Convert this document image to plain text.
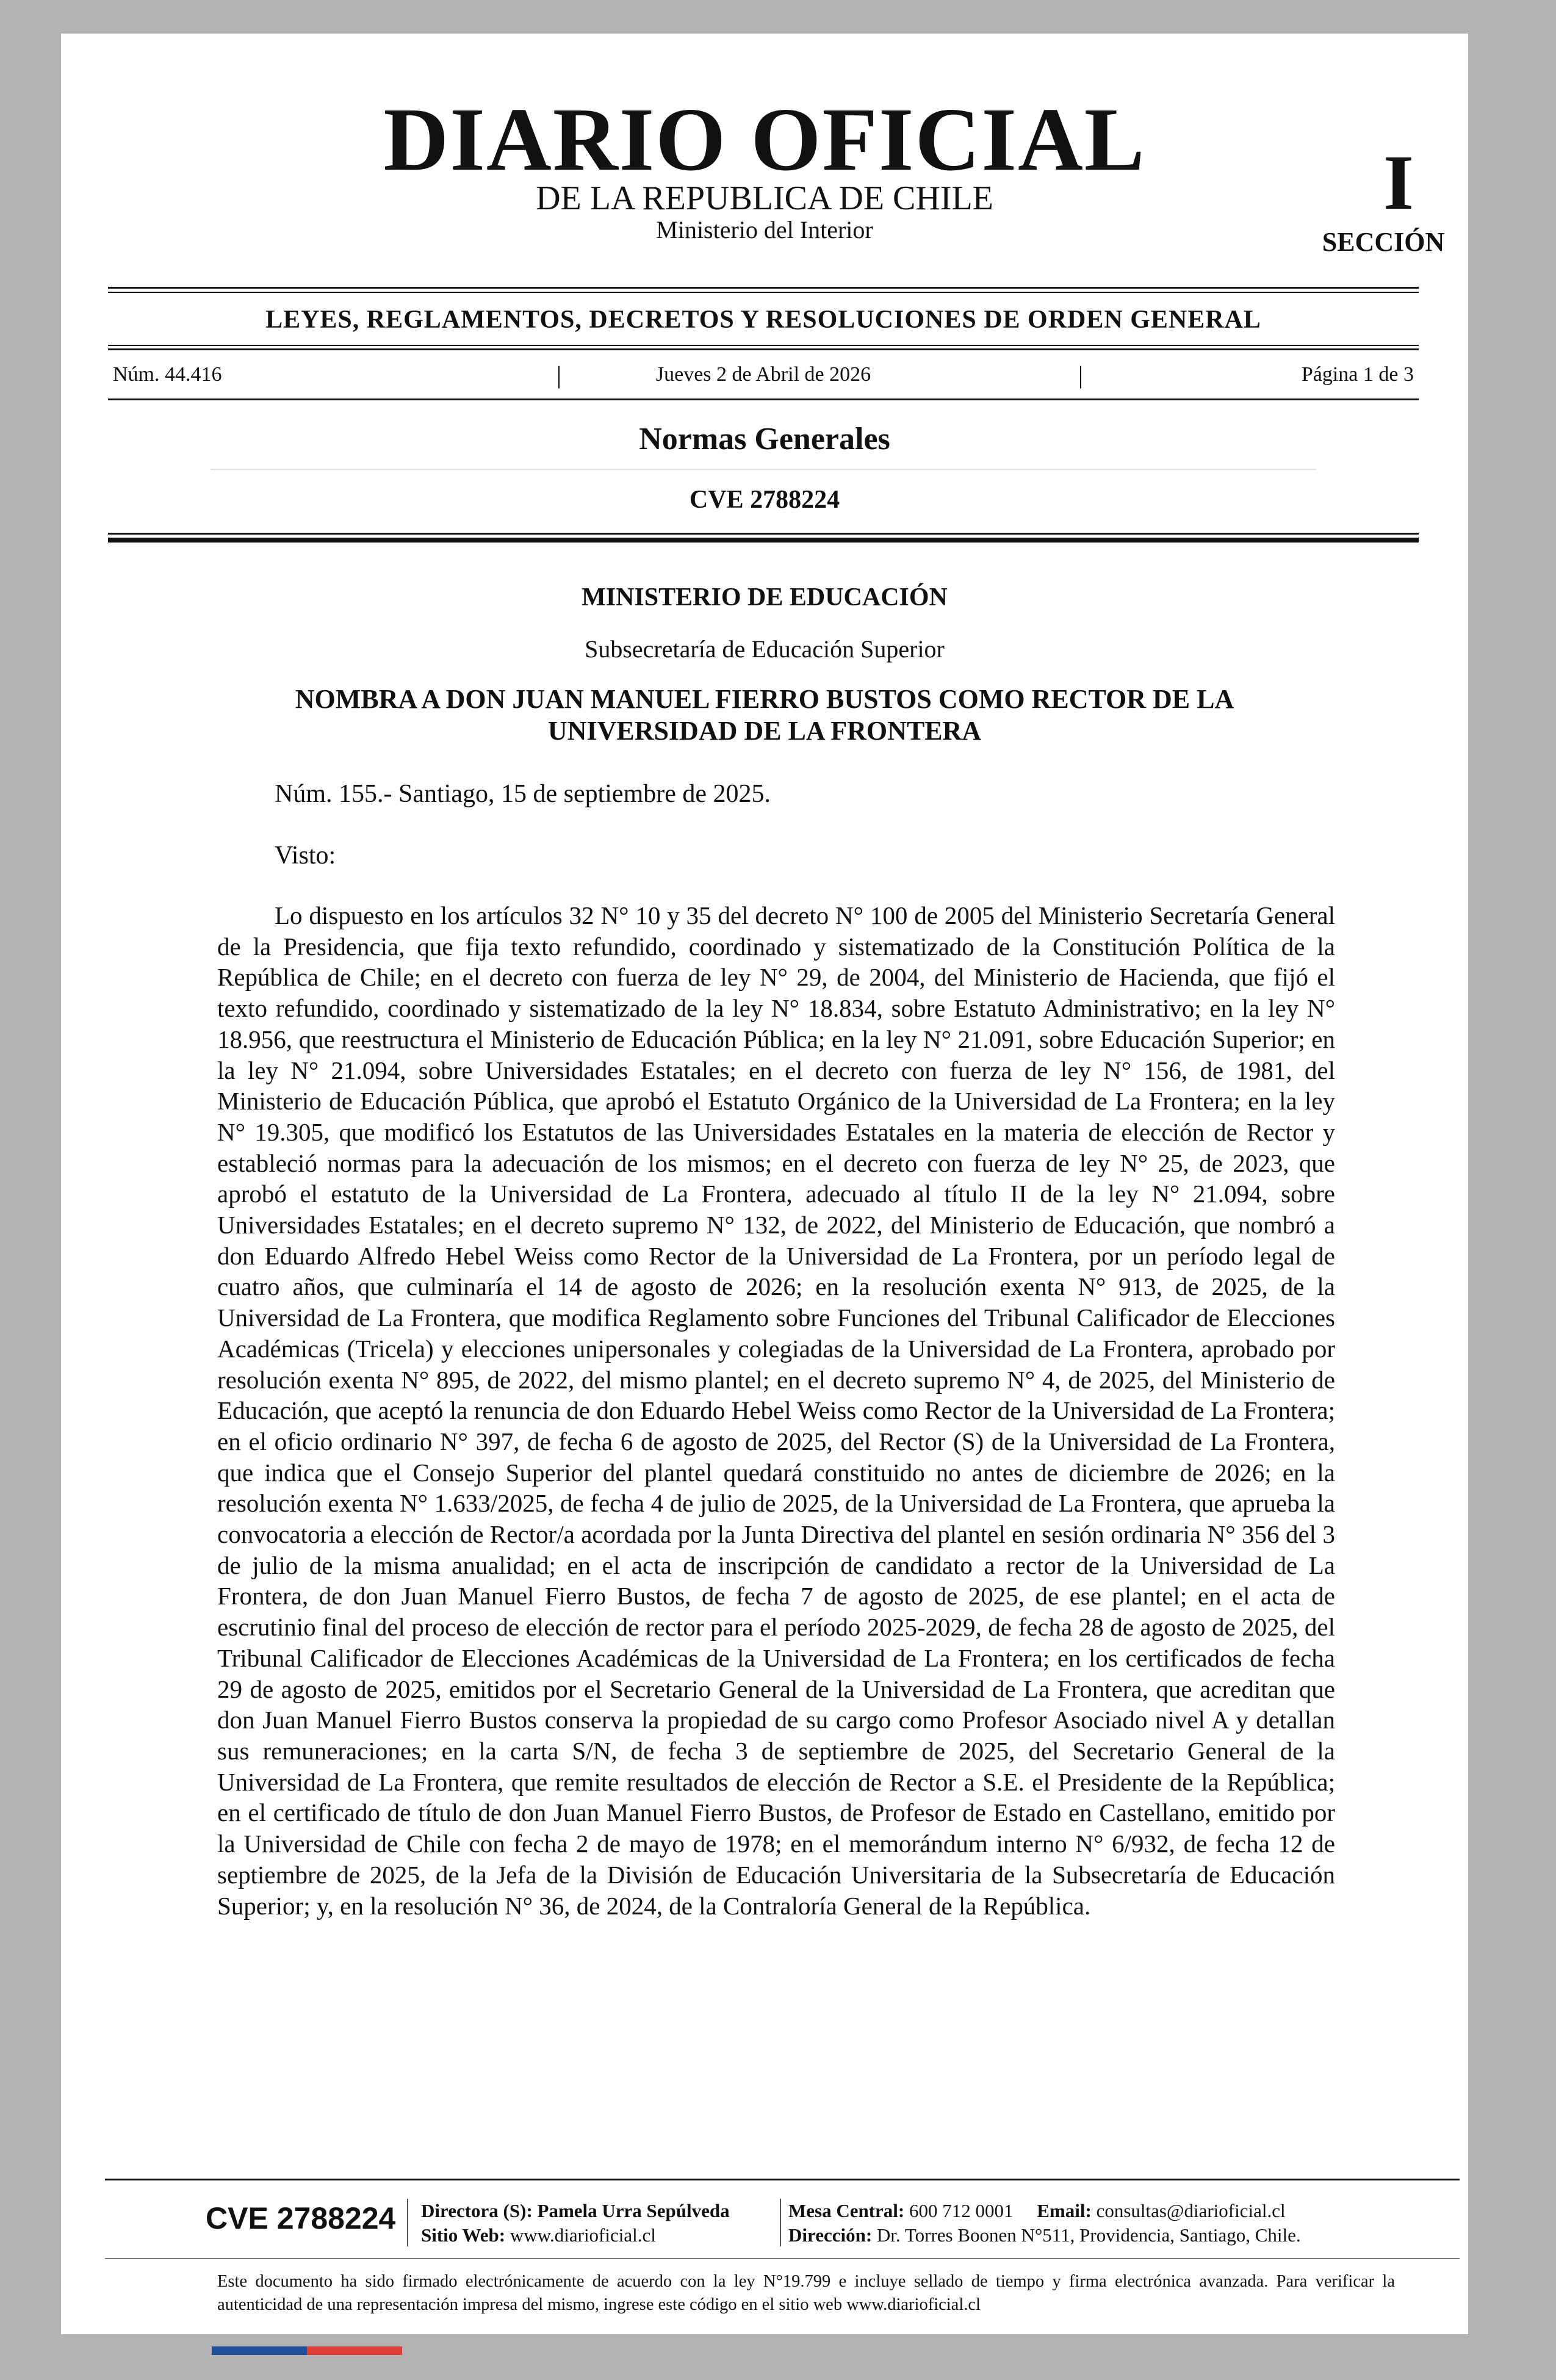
DIARIO OFICIAL
DE LA REPUBLICA DE CHILE
Ministerio del Interior
I
SECCIÓN
LEYES, REGLAMENTOS, DECRETOS Y RESOLUCIONES DE ORDEN GENERAL
Núm. 44.416	|	Jueves 2 de Abril de 2026	|	Página 1 de 3
Normas Generales
CVE 2788224
MINISTERIO DE EDUCACIÓN
Subsecretaría de Educación Superior
NOMBRA A DON JUAN MANUEL FIERRO BUSTOS COMO RECTOR DE LA
UNIVERSIDAD DE LA FRONTERA
Núm. 155.- Santiago, 15 de septiembre de 2025.
Visto:

Lo dispuesto en los artículos 32 N° 10 y 35 del decreto N° 100 de 2005 del Ministerio Secretaría General de la Presidencia, que fija texto refundido, coordinado y sistematizado de la Constitución Política de la República de Chile; en el decreto con fuerza de ley N° 29, de 2004, del Ministerio de Hacienda, que fijó el texto refundido, coordinado y sistematizado de la ley N° 18.834, sobre Estatuto Administrativo; en la ley N° 18.956, que reestructura el Ministerio de Educación Pública; en la ley N° 21.091, sobre Educación Superior; en la ley N° 21.094, sobre Universidades Estatales; en el decreto con fuerza de ley N° 156, de 1981, del Ministerio de Educación Pública, que aprobó el Estatuto Orgánico de la Universidad de La Frontera; en la ley N° 19.305, que modificó los Estatutos de las Universidades Estatales en la materia de elección de Rector y estableció normas para la adecuación de los mismos; en el decreto con fuerza de ley N° 25, de 2023, que aprobó el estatuto de la Universidad de La Frontera, adecuado al título II de la ley N° 21.094, sobre Universidades Estatales; en el decreto supremo N° 132, de 2022, del Ministerio de Educación, que nombró a don Eduardo Alfredo Hebel Weiss como Rector de la Universidad de La Frontera, por un período legal de cuatro años, que culminaría el 14 de agosto de 2026; en la resolución exenta N° 913, de 2025, de la Universidad de La Frontera, que modifica Reglamento sobre Funciones del Tribunal Calificador de Elecciones Académicas (Tricela) y elecciones unipersonales y colegiadas de la Universidad de La Frontera, aprobado por resolución exenta N° 895, de 2022, del mismo plantel; en el decreto supremo N° 4, de 2025, del Ministerio de Educación, que aceptó la renuncia de don Eduardo Hebel Weiss como Rector de la Universidad de La Frontera; en el oficio ordinario N° 397, de fecha 6 de agosto de 2025, del Rector (S) de la Universidad de La Frontera, que indica que el Consejo Superior del plantel quedará constituido no antes de diciembre de 2026; en la resolución exenta N° 1.633/2025, de fecha 4 de julio de 2025, de la Universidad de La Frontera, que aprueba la convocatoria a elección de Rector/a acordada por la Junta Directiva del plantel en sesión ordinaria N° 356 del 3 de julio de la misma anualidad; en el acta de inscripción de candidato a rector de la Universidad de La Frontera, de don Juan Manuel Fierro Bustos, de fecha 7 de agosto de 2025, de ese plantel; en el acta de escrutinio final del proceso de elección de rector para el período 2025-2029, de fecha 28 de agosto de 2025, del Tribunal Calificador de Elecciones Académicas de la Universidad de La Frontera; en los certificados de fecha 29 de agosto de 2025, emitidos por el Secretario General de la Universidad de La Frontera, que acreditan que don Juan Manuel Fierro Bustos conserva la propiedad de su cargo como Profesor Asociado nivel A y detallan sus remuneraciones; en la carta S/N, de fecha 3 de septiembre de 2025, del Secretario General de la Universidad de La Frontera, que remite resultados de elección de Rector a S.E. el Presidente de la República; en el certificado de título de don Juan Manuel Fierro Bustos, de Profesor de Estado en Castellano, emitido por la Universidad de Chile con fecha 2 de mayo de 1978; en el memorándum interno N° 6/932, de fecha 12 de septiembre de 2025, de la Jefa de la División de Educación Universitaria de la Subsecretaría de Educación Superior; y, en la resolución N° 36, de 2024, de la Contraloría General de la República.

CVE 2788224 Directora (S): Pamela Urra Sepúlveda
Sitio Web: www.diarioficial.cl
Mesa Central: 600 712 0001 Email: consultas@diarioficial.cl
Dirección: Dr. Torres Boonen N°511, Providencia, Santiago, Chile.
Este documento ha sido firmado electrónicamente de acuerdo con la ley N°19.799 e incluye sellado de tiempo y firma electrónica avanzada. Para verificar la autenticidad de una representación impresa del mismo, ingrese este código en el sitio web www.diarioficial.cl
